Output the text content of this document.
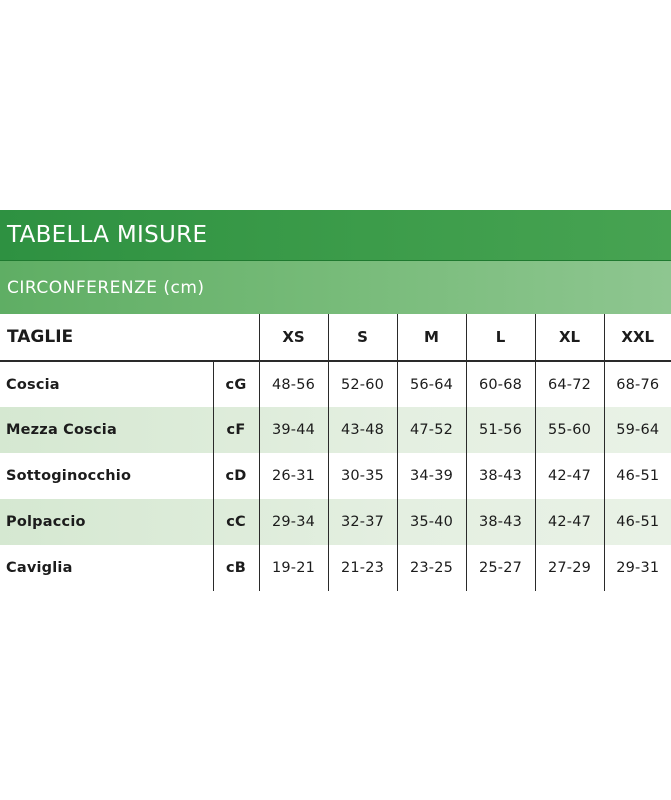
TABELLA MISURE
CIRCONFERENZE (cm)
TAGLIE		XS	S	M	L	XL	XXL
Coscia	cG	48-56	52-60	56-64	60-68	64-72	68-76
Mezza Coscia	cF	39-44	43-48	47-52	51-56	55-60	59-64
Sottoginocchio	cD	26-31	30-35	34-39	38-43	42-47	46-51
Polpaccio	cC	29-34	32-37	35-40	38-43	42-47	46-51
Caviglia	cB	19-21	21-23	23-25	25-27	27-29	29-31
